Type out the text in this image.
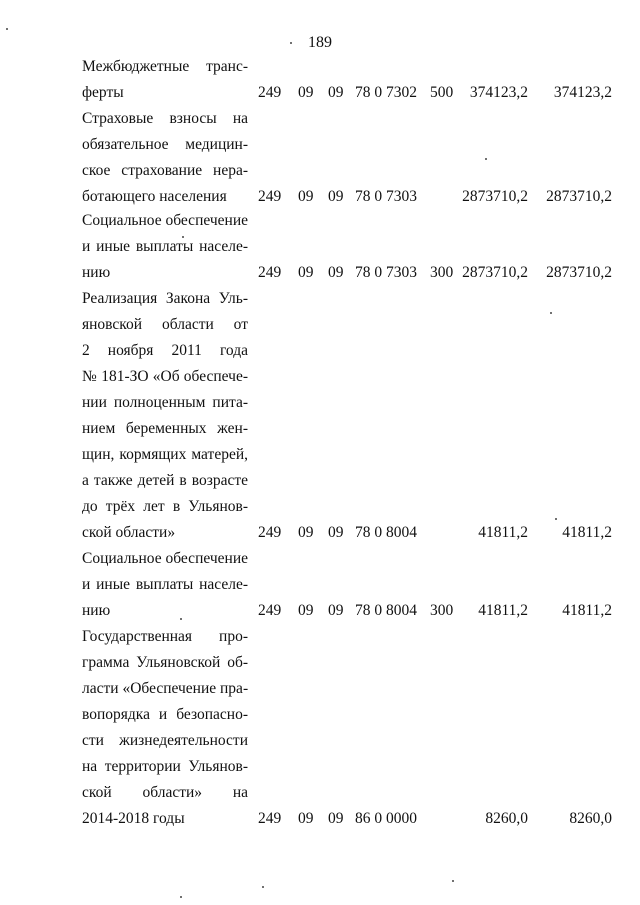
189
Межбюджетные транс-
ферты	249 09 09 78 0 7302 500 374123,2 374123,2
Страховые взносы на
обязательное медицин-
ское страхование нера-
ботающего населения	249 09 09 78 0 7303	2873710,2 2873710,2
Социальное обеспечение
и иные выплаты населе-
нию	249 09 09 78 0 7303 300 2873710,2 2873710,2
Реализация Закона Уль-
яновской области от
2 ноября 2011 года
№ 181-ЗО «Об обеспече-
нии полноценным пита-
нием беременных жен-
щин, кормящих матерей,
а также детей в возрасте
до трёх лет в Ульянов-
ской области»	249 09 09 78 0 8004	41811,2 41811,2
Социальное обеспечение
и иные выплаты населе-
нию	249 09 09 78 0 8004 300 41811,2 41811,2
Государственная про-
грамма Ульяновской об-
ласти «Обеспечение пра-
вопорядка и безопасно-
сти жизнедеятельности
на территории Ульянов-
ской области» на
2014-2018 годы	249 09 09 86 0 0000	8260,0	8260,0
